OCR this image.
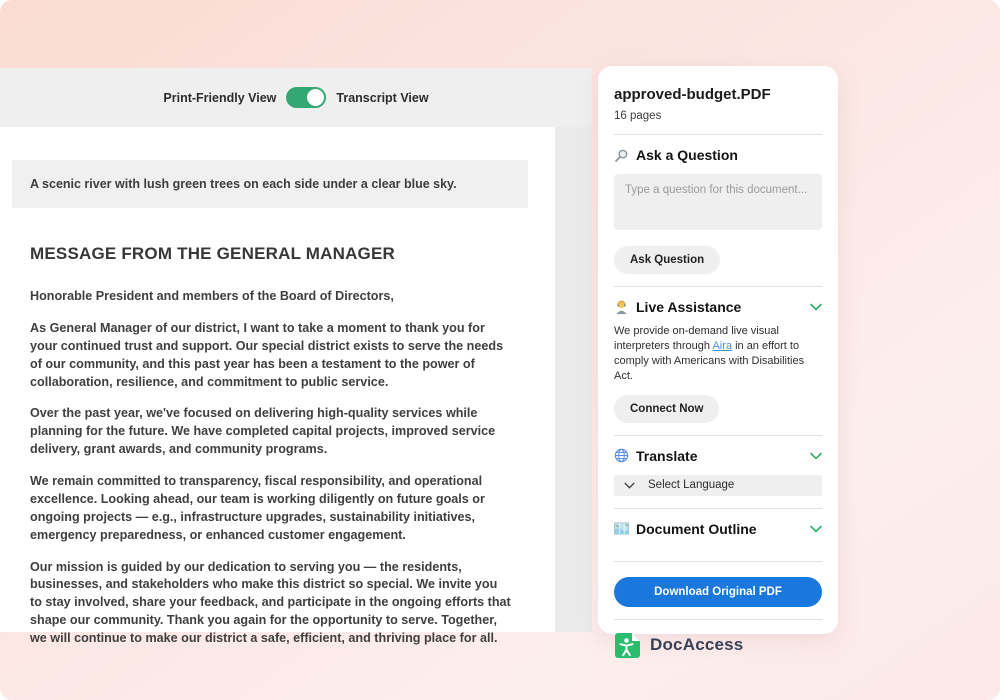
Print-Friendly View	Transcript View
A scenic river with lush green trees on each side under a clear blue sky.
MESSAGE FROM THE GENERAL MANAGER

Honorable President and members of the Board of Directors,

As General Manager of our district, I want to take a moment to thank you for your continued trust and support. Our special district exists to serve the needs of our community, and this past year has been a testament to the power of collaboration, resilience, and commitment to public service.

Over the past year, we've focused on delivering high-quality services while planning for the future. We have completed capital projects, improved service delivery, grant awards, and community programs.

We remain committed to transparency, fiscal responsibility, and operational excellence. Looking ahead, our team is working diligently on future goals or ongoing projects — e.g., infrastructure upgrades, sustainability initiatives, emergency preparedness, or enhanced customer engagement.

Our mission is guided by our dedication to serving you — the residents, businesses, and stakeholders who make this district so special. We invite you to stay involved, share your feedback, and participate in the ongoing efforts that shape our community. Thank you again for the opportunity to serve. Together, we will continue to make our district a safe, efficient, and thriving place for all.

approved-budget.PDF
16 pages
Ask a Question
Type a question for this document... Ask Question
Live Assistance

We provide on-demand live visual interpreters through Aira in an effort to comply with Americans with Disabilities Act.

Connect Now
Translate
Select Language
Document Outline
Download Original PDF
DocAccess
